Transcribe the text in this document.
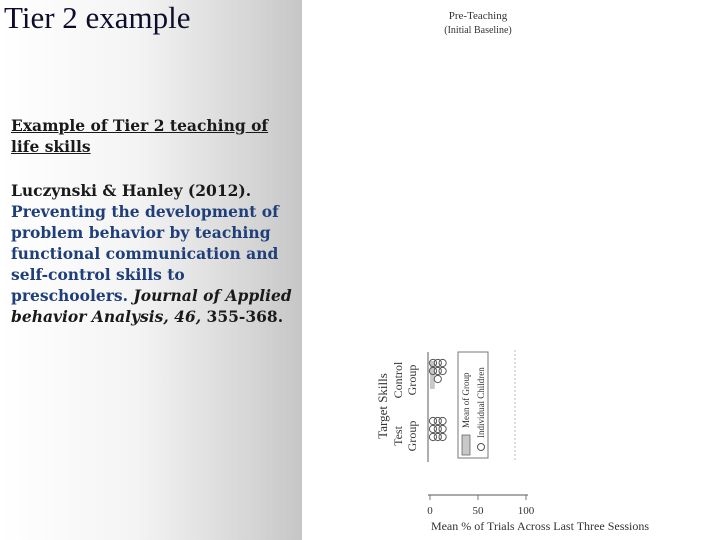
Tier 2 example
Example of Tier 2 teaching of life skills
Luczynski & Hanley (2012).
Preventing the development of problem behavior by teaching functional communication and self-control skills to preschoolers. Journal of Applied behavior Analysis, 46, 355-368.
Pre-Teaching
(Initial Baseline)
Target Skills Control Group
Test Group
0	50	100
Mean % of Trials Across Last Three Sessions
Mean of Group Individual Children
